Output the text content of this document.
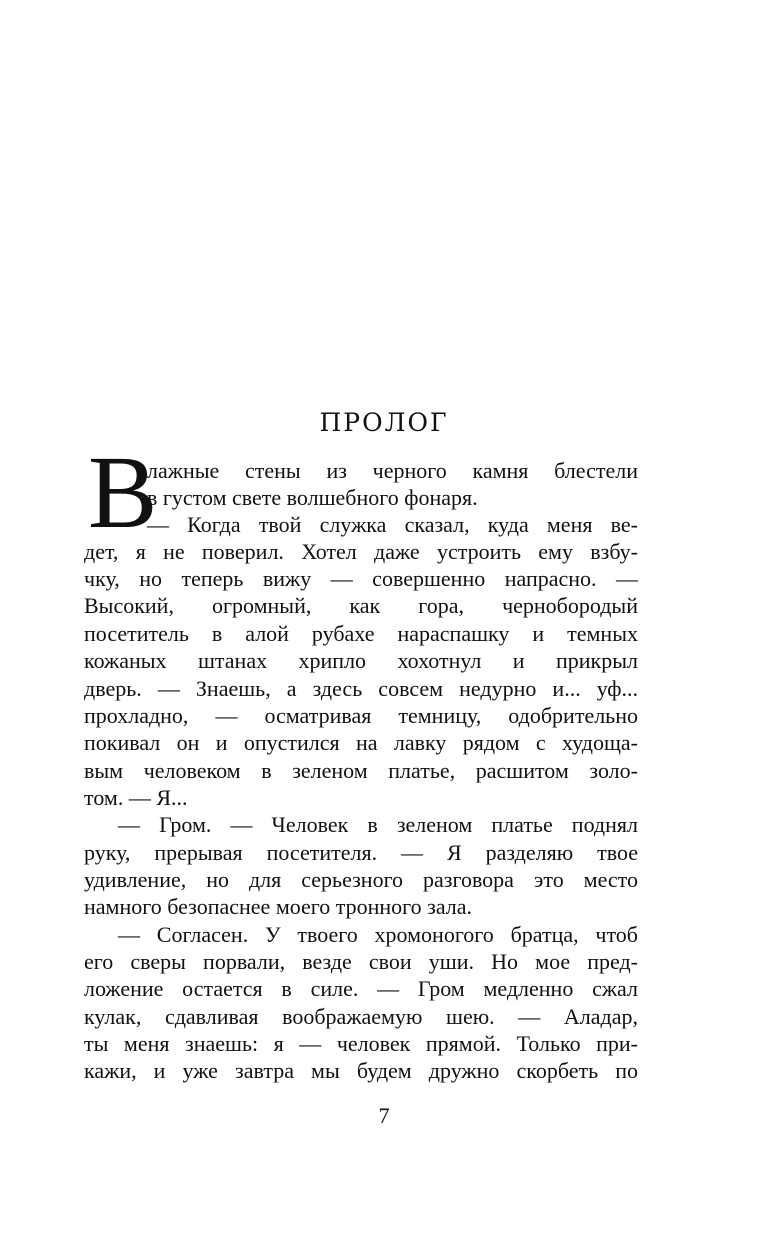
ПРОЛОГ
В
лажные стены из черного камня блестели
в густом свете волшебного фонаря.
— Когда твой служка сказал, куда меня ве-
дет, я не поверил. Хотел даже устроить ему взбу-
чку, но теперь вижу — совершенно напрасно. —
Высокий, огромный, как гора, чернобородый
посетитель в алой рубахе нараспашку и темных
кожаных штанах хрипло хохотнул и прикрыл
дверь. — Знаешь, а здесь совсем недурно и... уф...
прохладно, — осматривая темницу, одобрительно
покивал он и опустился на лавку рядом с худоща-
вым человеком в зеленом платье, расшитом золо-
том. — Я...
— Гром. — Человек в зеленом платье поднял
руку, прерывая посетителя. — Я разделяю твое
удивление, но для серьезного разговора это место
намного безопаснее моего тронного зала.
— Согласен. У твоего хромоногого братца, чтоб
его сверы порвали, везде свои уши. Но мое пред-
ложение остается в силе. — Гром медленно сжал
кулак, сдавливая воображаемую шею. — Аладар,
ты меня знаешь: я — человек прямой. Только при-
кажи, и уже завтра мы будем дружно скорбеть по
7
